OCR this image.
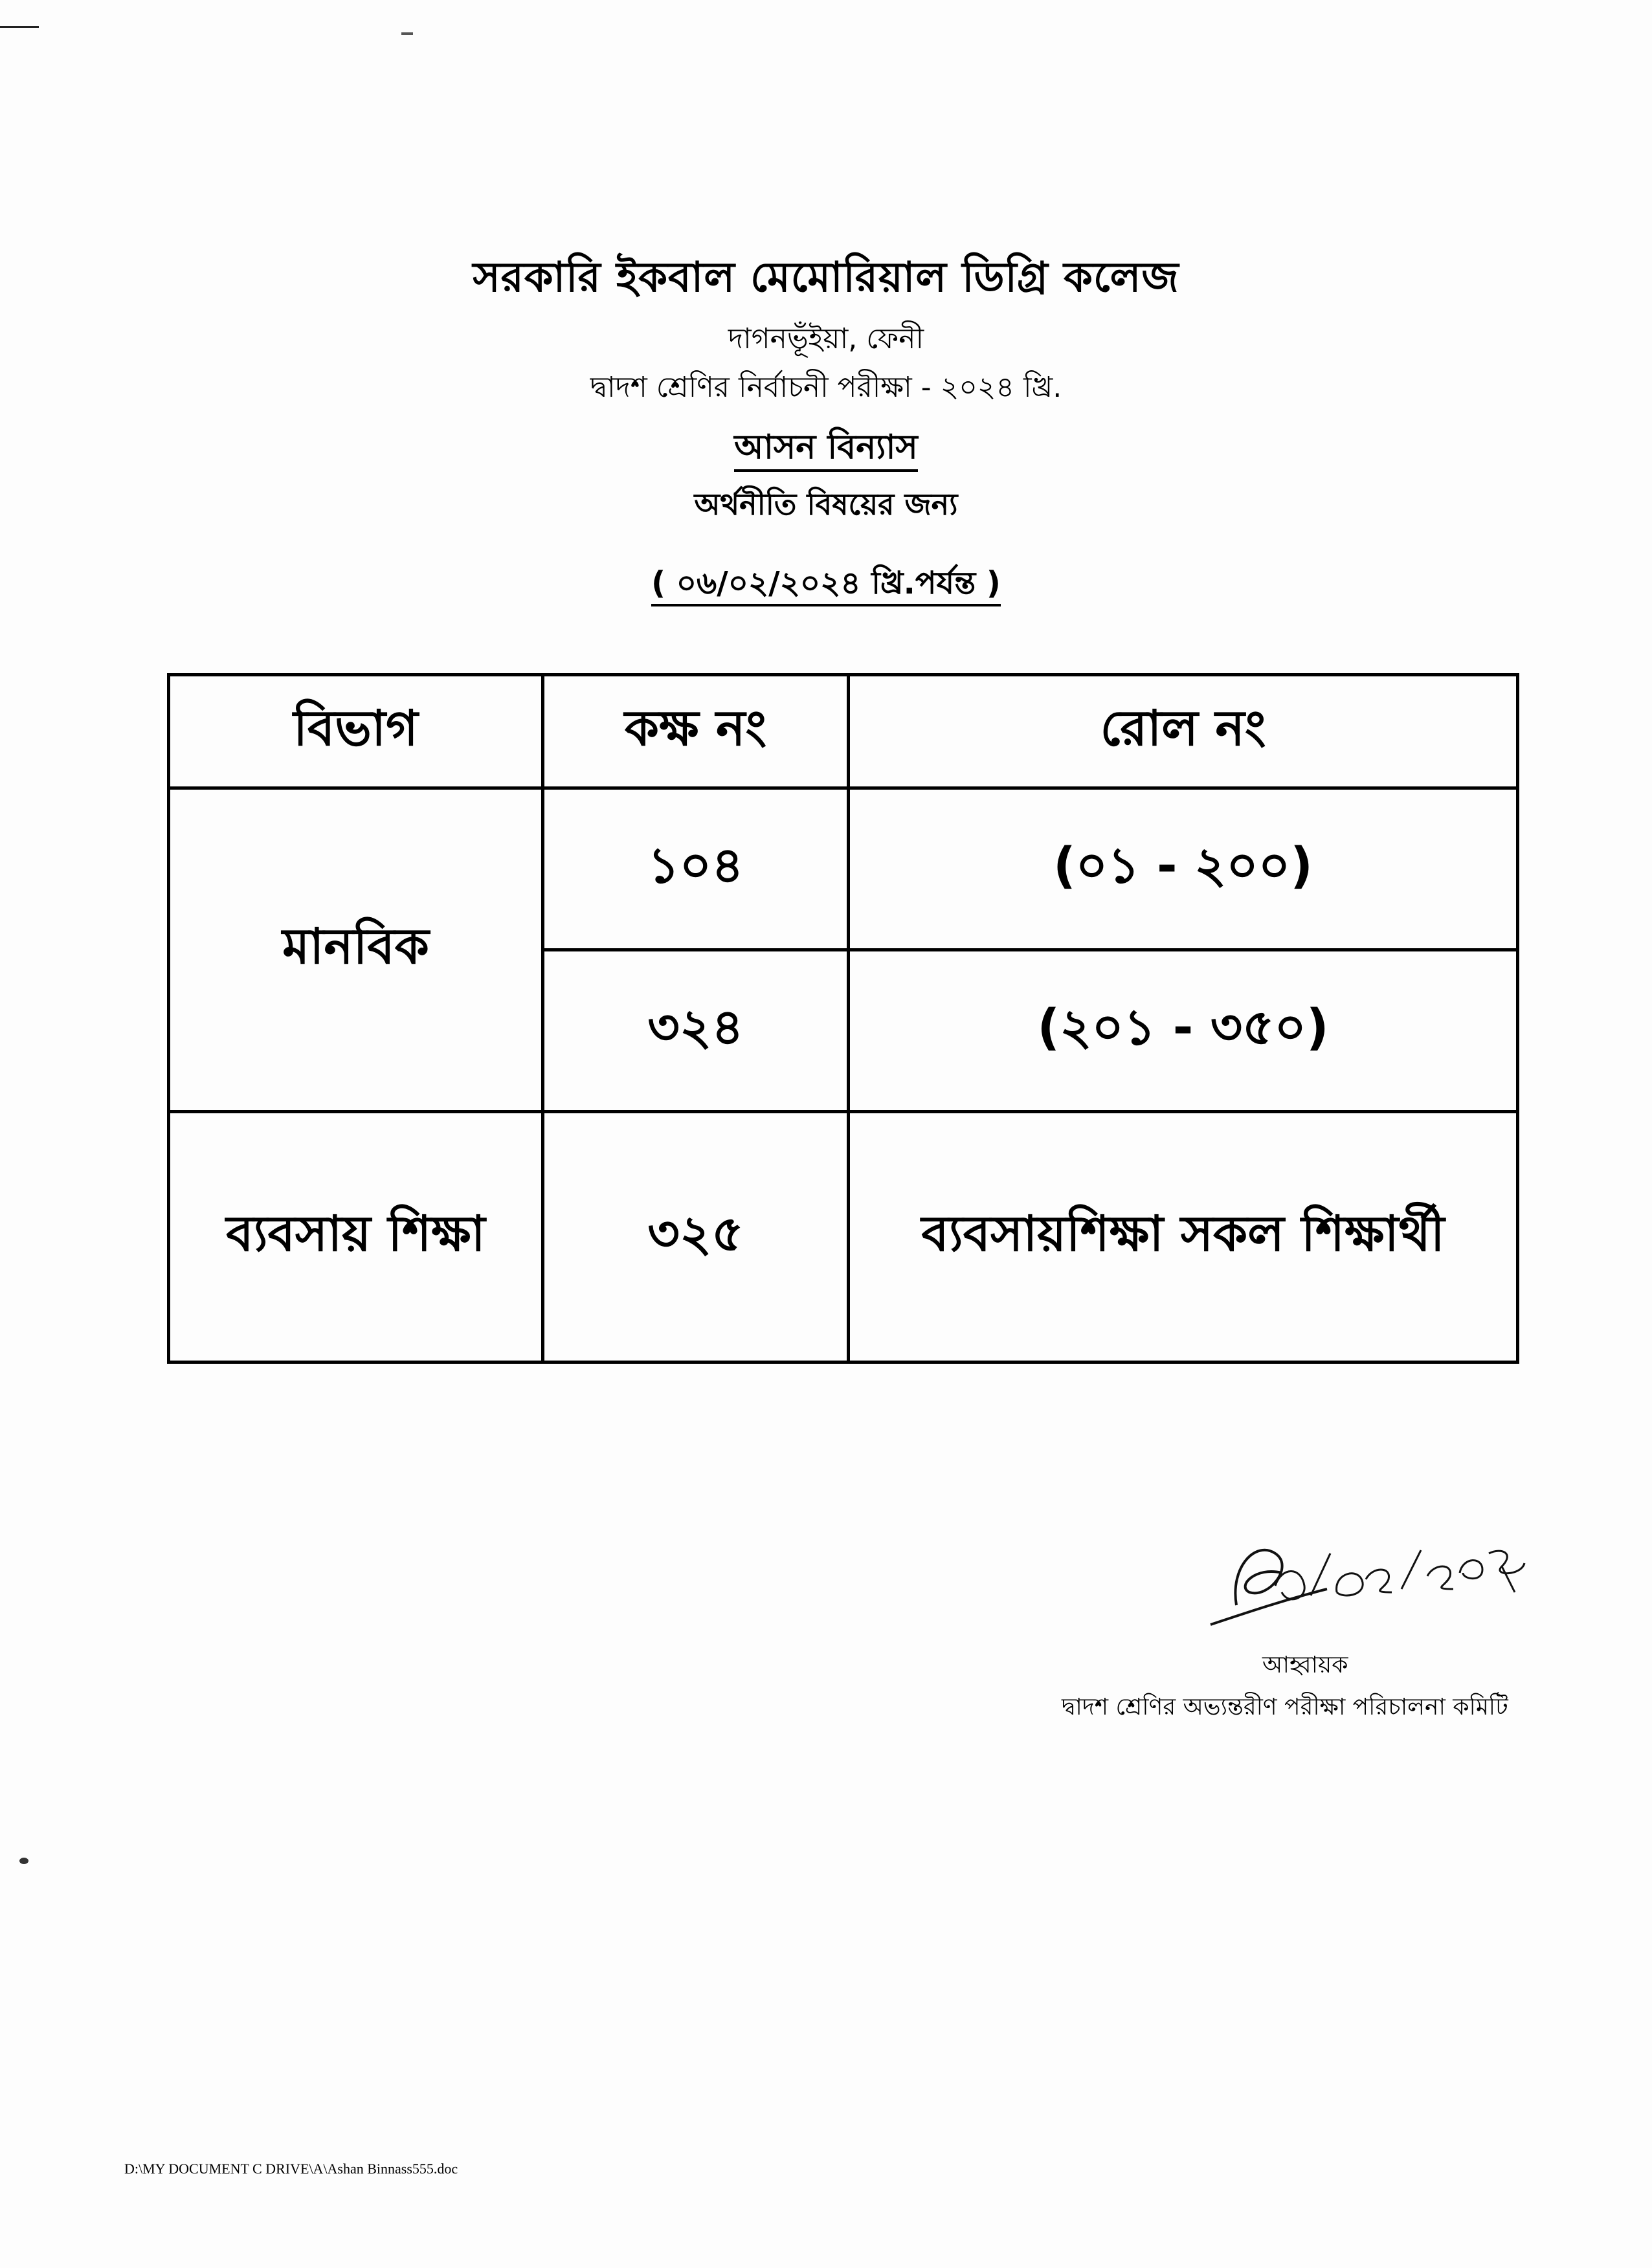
সরকারি ইকবাল মেমোরিয়াল ডিগ্রি কলেজ
দাগনভূঁইয়া, ফেনী
দ্বাদশ শ্রেণির নির্বাচনী পরীক্ষা - ২০২৪ খ্রি.
আসন বিন্যাস
অর্থনীতি বিষয়ের জন্য
( ০৬/০২/২০২৪ খ্রি.পর্যন্ত )
বিভাগ	কক্ষ নং	রোল নং
মানবিক	১০৪	(০১ - ২০০)
	৩২৪	(২০১ - ৩৫০)
ব্যবসায় শিক্ষা	৩২৫	ব্যবসায়শিক্ষা সকল শিক্ষার্থী
আহ্বায়ক
দ্বাদশ শ্রেণির অভ্যন্তরীণ পরীক্ষা পরিচালনা কমিটি
D:\MY DOCUMENT C DRIVE\A\Ashan Binnass555.doc
